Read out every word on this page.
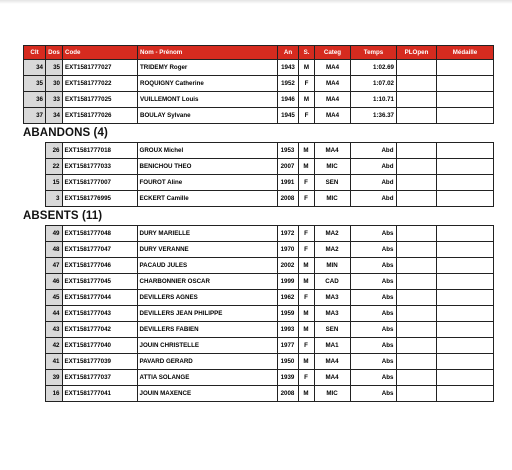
Clt	Dos	Code	Nom - Prénom	An	S.	Categ	Temps	PLOpen	Médaille
34	35	EXT1581777027	TRIDEMY Roger	1943	M	MA4	1:02.69		
35	30	EXT1581777022	ROQUIGNY Catherine	1952	F	MA4	1:07.02		
36	33	EXT1581777025	VUILLEMONT Louis	1946	M	MA4	1:10.71		
37	34	EXT1581777026	BOULAY Sylvane	1945	F	MA4	1:36.37		
ABANDONS (4)
	26	EXT1581777018	GROUX Michel	1953	M	MA4	Abd		
	22	EXT1581777033	BENICHOU THEO	2007	M	MIC	Abd		
	15	EXT1581777007	FOUROT Aline	1991	F	SEN	Abd		
	3	EXT1581776995	ECKERT Camille	2008	F	MIC	Abd		
ABSENTS (11)
	49	EXT1581777048	DURY MARIELLE	1972	F	MA2	Abs		
	48	EXT1581777047	DURY VERANNE	1970	F	MA2	Abs		
	47	EXT1581777046	PACAUD JULES	2002	M	MIN	Abs		
	46	EXT1581777045	CHARBONNIER OSCAR	1999	M	CAD	Abs		
	45	EXT1581777044	DEVILLERS AGNES	1962	F	MA3	Abs		
	44	EXT1581777043	DEVILLERS JEAN PHILIPPE	1959	M	MA3	Abs		
	43	EXT1581777042	DEVILLERS FABIEN	1993	M	SEN	Abs		
	42	EXT1581777040	JOUIN CHRISTELLE	1977	F	MA1	Abs		
	41	EXT1581777039	PAVARD GERARD	1950	M	MA4	Abs		
	39	EXT1581777037	ATTIA SOLANGE	1939	F	MA4	Abs		
	16	EXT1581777041	JOUIN MAXENCE	2008	M	MIC	Abs		
